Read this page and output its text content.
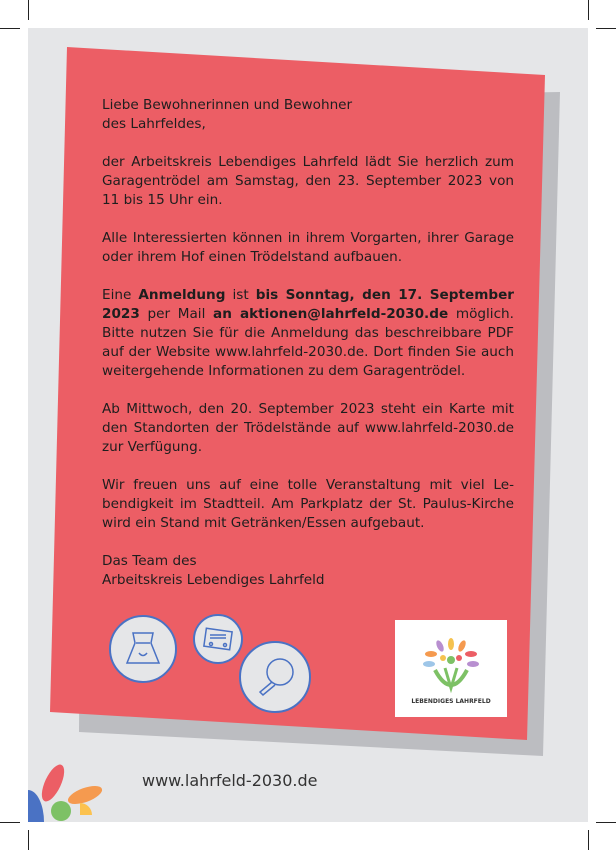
Liebe Bewohnerinnen und Bewohner
des Lahrfeldes,

der Arbeitskreis Lebendiges Lahrfeld lädt Sie herzlich zum Garagentrödel am Samstag, den 23. September 2023 von 11 bis 15 Uhr ein.

Alle Interessierten können in ihrem Vorgarten, ihrer Garage oder ihrem Hof einen Trödelstand aufbauen.

Eine Anmeldung ist bis Sonntag, den 17. September 2023 per Mail an aktionen@lahrfeld-2030.de möglich. Bitte nutzen Sie für die Anmeldung das beschreibbare PDF auf der Website www.lahrfeld-2030.de. Dort finden Sie auch weitergehende Informationen zu dem Garagentrödel.

Ab Mittwoch, den 20. September 2023 steht ein Karte mit den Standorten der Trödelstände auf www.lahrfeld-2030.de zur Verfügung.

Wir freuen uns auf eine tolle Veranstaltung mit viel Lebendigkeit im Stadtteil. Am Parkplatz der St. Paulus-Kirche wird ein Stand mit Getränken/Essen aufgebaut.

Das Team des
Arbeitskreis Lebendiges Lahrfeld

LEBENDIGES LAHRFELD
www.lahrfeld-2030.de
